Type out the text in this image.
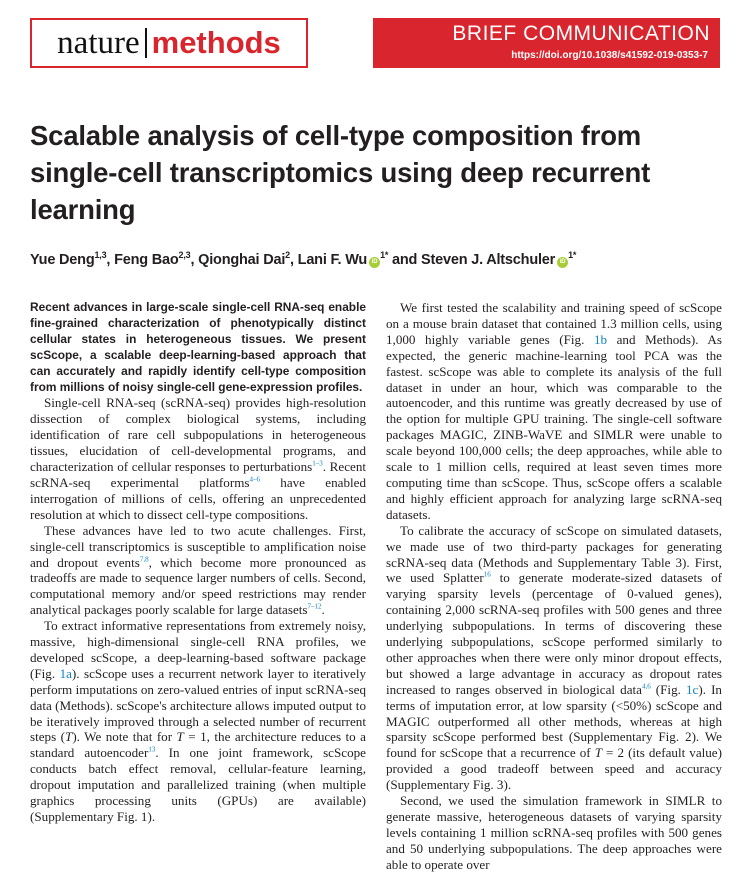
nature methods	BRIEF COMMUNICATION
https://doi.org/10.1038/s41592-019-0353-7
Scalable analysis of cell-type composition from single-cell transcriptomics using deep recurrent learning
Yue Deng$^{1,3}$, Feng Bao$^{2,3}$, Qionghai Dai$^2$, Lani F. Wu $iD^{1*}$ and Steven J. Altschuler $iD^{1*}$

Recent advances in large-scale single-cell RNA-seq enable fine-grained characterization of phenotypically distinct cellular states in heterogeneous tissues. We present scScope, a scalable deep-learning-based approach that can accurately and rapidly identify cell-type composition from millions of noisy single-cell gene-expression profiles.

Single-cell RNA-seq (scRNA-seq) provides high-resolution dissection of complex biological systems, including identification of rare cell subpopulations in heterogeneous tissues, elucidation of cell-developmental programs, and characterization of cellular responses to perturbations$^{1-3}$. Recent scRNA-seq experimental platforms$^{4-6}$ have enabled interrogation of millions of cells, offering an unprecedented resolution at which to dissect cell-type compositions.

These advances have led to two acute challenges. First, single-cell transcriptomics is susceptible to amplification noise and dropout events$^{7,8}$, which become more pronounced as tradeoffs are made to sequence larger numbers of cells. Second, computational memory and/or speed restrictions may render analytical packages poorly scalable for large datasets$^{7-12}$.

To extract informative representations from extremely noisy, massive, high-dimensional single-cell RNA profiles, we developed scScope, a deep-learning-based software package (Fig. 1a). scScope uses a recurrent network layer to iteratively perform imputations on zero-valued entries of input scRNA-seq data (Methods). scScope's architecture allows imputed output to be iteratively improved through a selected number of recurrent steps (T). We note that for T = 1, the architecture reduces to a standard autoencoder$^{13}$. In one joint framework, scScope conducts batch effect removal, cellular-feature learning, dropout imputation and parallelized training (when multiple graphics processing units (GPUs) are available) (Supplementary Fig. 1).

We first tested the scalability and training speed of scScope on a mouse brain dataset that contained 1.3 million cells, using 1,000 highly variable genes (Fig. 1b and Methods). As expected, the generic machine-learning tool PCA was the fastest. scScope was able to complete its analysis of the full dataset in under an hour, which was comparable to the autoencoder, and this runtime was greatly decreased by use of the option for multiple GPU training. The single-cell software packages MAGIC, ZINB-WaVE and SIMLR were unable to scale beyond 100,000 cells; the deep approaches, while able to scale to 1 million cells, required at least seven times more computing time than scScope. Thus, scScope offers a scalable and highly efficient approach for analyzing large scRNA-seq datasets.

To calibrate the accuracy of scScope on simulated datasets, we made use of two third-party packages for generating scRNA-seq data (Methods and Supplementary Table 3). First, we used Splatter$^{16}$ to generate moderate-sized datasets of varying sparsity levels (percentage of 0-valued genes), containing 2,000 scRNA-seq profiles with 500 genes and three underlying subpopulations. In terms of discovering these underlying subpopulations, scScope performed similarly to other approaches when there were only minor dropout effects, but showed a large advantage in accuracy as dropout rates increased to ranges observed in biological data$^{4,6}$ (Fig. 1c). In terms of imputation error, at low sparsity (<50%) scScope and MAGIC outperformed all other methods, whereas at high sparsity scScope performed best (Supplementary Fig. 2). We found for scScope that a recurrence of T = 2 (its default value) provided a good tradeoff between speed and accuracy (Supplementary Fig. 3).

Second, we used the simulation framework in SIMLR to generate massive, heterogeneous datasets of varying sparsity levels containing 1 million scRNA-seq profiles with 500 genes and 50 underlying subpopulations. The deep approaches were able to operate over
